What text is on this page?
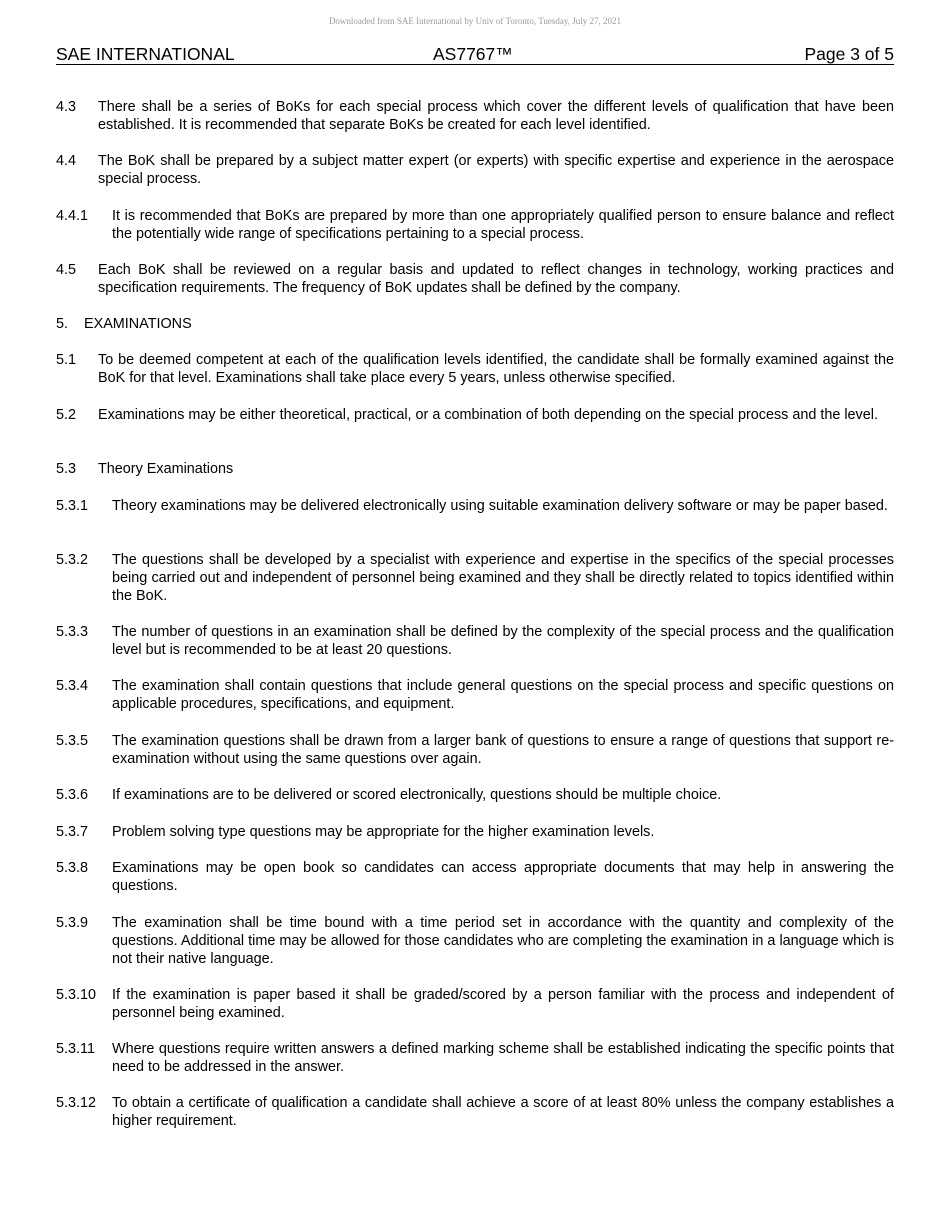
Downloaded from SAE International by Univ of Toronto, Tuesday, July 27, 2021
SAE INTERNATIONAL	AS7767™	Page 3 of 5
4.3 There shall be a series of BoKs for each special process which cover the different levels of qualification that have been established. It is recommended that separate BoKs be created for each level identified.
4.4 The BoK shall be prepared by a subject matter expert (or experts) with specific expertise and experience in the aerospace special process.
4.4.1 It is recommended that BoKs are prepared by more than one appropriately qualified person to ensure balance and reflect the potentially wide range of specifications pertaining to a special process.
4.5 Each BoK shall be reviewed on a regular basis and updated to reflect changes in technology, working practices and specification requirements. The frequency of BoK updates shall be defined by the company.
5. EXAMINATIONS
5.1 To be deemed competent at each of the qualification levels identified, the candidate shall be formally examined against the BoK for that level. Examinations shall take place every 5 years, unless otherwise specified.
5.2 Examinations may be either theoretical, practical, or a combination of both depending on the special process and the level.
5.3 Theory Examinations
5.3.1 Theory examinations may be delivered electronically using suitable examination delivery software or may be paper based.
5.3.2 The questions shall be developed by a specialist with experience and expertise in the specifics of the special processes being carried out and independent of personnel being examined and they shall be directly related to topics identified within the BoK.
5.3.3 The number of questions in an examination shall be defined by the complexity of the special process and the qualification level but is recommended to be at least 20 questions.
5.3.4 The examination shall contain questions that include general questions on the special process and specific questions on applicable procedures, specifications, and equipment.
5.3.5 The examination questions shall be drawn from a larger bank of questions to ensure a range of questions that support re-examination without using the same questions over again.
5.3.6 If examinations are to be delivered or scored electronically, questions should be multiple choice.
5.3.7 Problem solving type questions may be appropriate for the higher examination levels.
5.3.8 Examinations may be open book so candidates can access appropriate documents that may help in answering the questions.
5.3.9 The examination shall be time bound with a time period set in accordance with the quantity and complexity of the questions. Additional time may be allowed for those candidates who are completing the examination in a language which is not their native language.
5.3.10 If the examination is paper based it shall be graded/scored by a person familiar with the process and independent of personnel being examined.
5.3.11 Where questions require written answers a defined marking scheme shall be established indicating the specific points that need to be addressed in the answer.
5.3.12 To obtain a certificate of qualification a candidate shall achieve a score of at least 80% unless the company establishes a higher requirement.
